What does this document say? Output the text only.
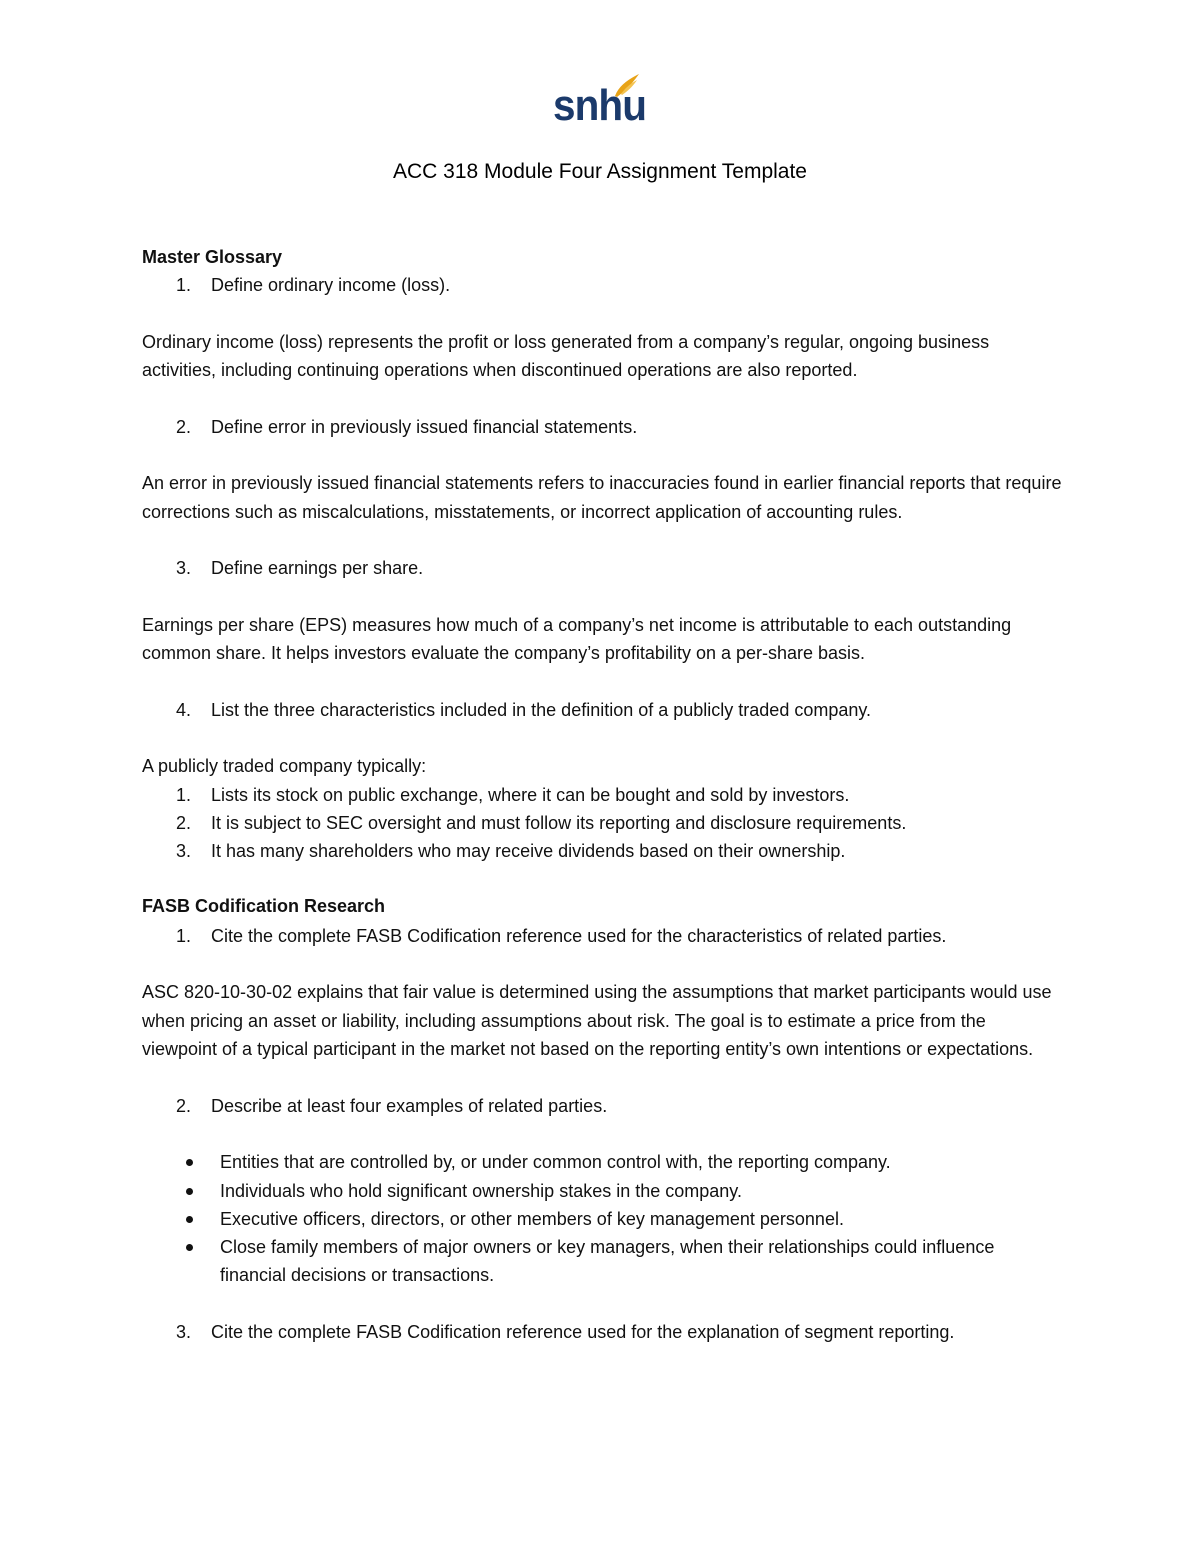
snhu
ACC 318 Module Four Assignment Template

Master Glossary

1. Define ordinary income (loss).

Ordinary income (loss) represents the profit or loss generated from a company’s regular, ongoing business activities, including continuing operations when discontinued operations are also reported.

2. Define error in previously issued financial statements.

An error in previously issued financial statements refers to inaccuracies found in earlier financial reports that require corrections such as miscalculations, misstatements, or incorrect application of accounting rules.

3. Define earnings per share.

Earnings per share (EPS) measures how much of a company’s net income is attributable to each outstanding common share. It helps investors evaluate the company’s profitability on a per-share basis.

4. List the three characteristics included in the definition of a publicly traded company.

A publicly traded company typically:

1. Lists its stock on public exchange, where it can be bought and sold by investors.

2. It is subject to SEC oversight and must follow its reporting and disclosure requirements.

3. It has many shareholders who may receive dividends based on their ownership.

FASB Codification Research

1. Cite the complete FASB Codification reference used for the characteristics of related parties.

ASC 820-10-30-02 explains that fair value is determined using the assumptions that market participants would use when pricing an asset or liability, including assumptions about risk. The goal is to estimate a price from the viewpoint of a typical participant in the market not based on the reporting entity’s own intentions or expectations.

2. Describe at least four examples of related parties.

Entities that are controlled by, or under common control with, the reporting company.

Individuals who hold significant ownership stakes in the company.

Executive officers, directors, or other members of key management personnel.

Close family members of major owners or key managers, when their relationships could influence financial decisions or transactions.

3. Cite the complete FASB Codification reference used for the explanation of segment reporting.
